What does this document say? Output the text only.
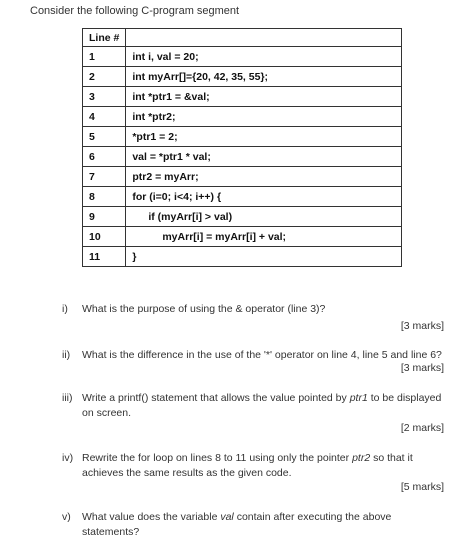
Consider the following C-program segment
Line #	
1	int i, val = 20;
2	int myArr[]={20, 42, 35, 55};
3	int *ptr1 = &val;
4	int *ptr2;
5	*ptr1 = 2;
6	val = *ptr1 * val;
7	ptr2 = myArr;
8	for (i=0; i<4; i++) {
9	if (myArr[i] > val)
10	myArr[i] = myArr[i] + val;
11	}
i) What is the purpose of using the & operator (line 3)?
[3 marks]
ii) What is the difference in the use of the '*' operator on line 4, line 5 and line 6?
[3 marks]
iii) Write a printf() statement that allows the value pointed by ptr1 to be displayed on screen.
[2 marks]
iv) Rewrite the for loop on lines 8 to 11 using only the pointer ptr2 so that it achieves the same results as the given code.
[5 marks]
v) What value does the variable val contain after executing the above statements?
